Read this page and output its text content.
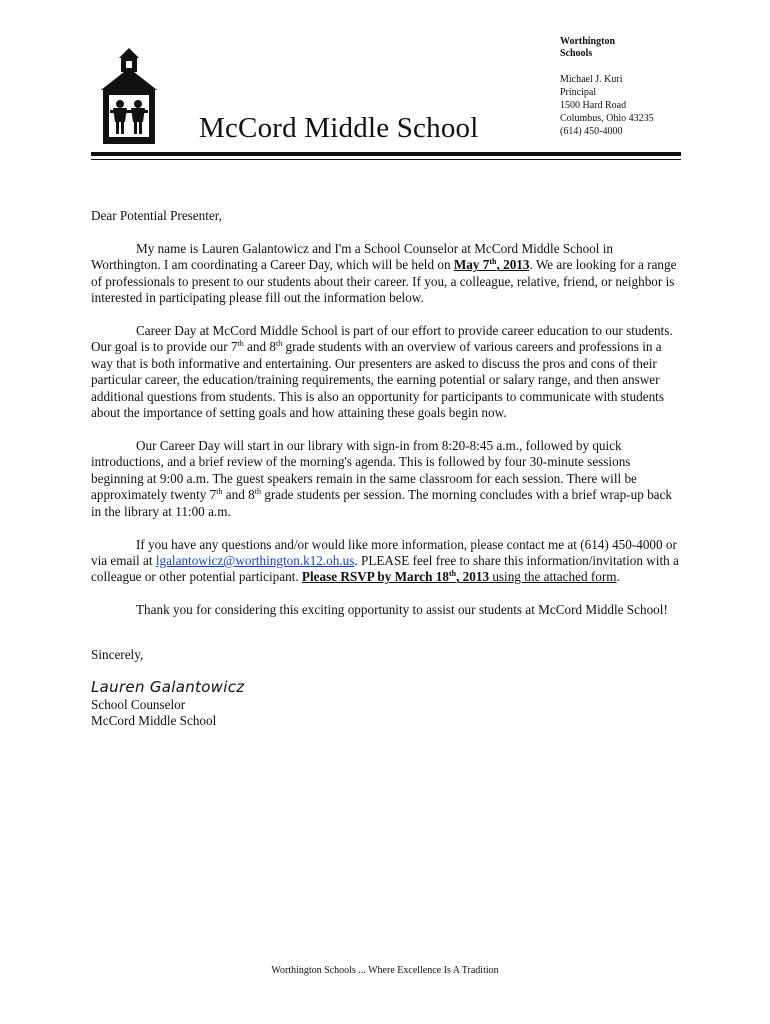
McCord Middle School
Worthington
Schools
Michael J. Kuri
Principal
1500 Hard Road
Columbus, Ohio 43235
(614) 450-4000

Dear Potential Presenter,

My name is Lauren Galantowicz and I'm a School Counselor at McCord Middle School in Worthington. I am coordinating a Career Day, which will be held on May 7th, 2013. We are looking for a range of professionals to present to our students about their career. If you, a colleague, relative, friend, or neighbor is interested in participating please fill out the information below.

Career Day at McCord Middle School is part of our effort to provide career education to our students. Our goal is to provide our 7th and 8th grade students with an overview of various careers and professions in a way that is both informative and entertaining. Our presenters are asked to discuss the pros and cons of their particular career, the education/training requirements, the earning potential or salary range, and then answer additional questions from students. This is also an opportunity for participants to communicate with students about the importance of setting goals and how attaining these goals begin now.

Our Career Day will start in our library with sign-in from 8:20-8:45 a.m., followed by quick introductions, and a brief review of the morning's agenda. This is followed by four 30-minute sessions beginning at 9:00 a.m. The guest speakers remain in the same classroom for each session. There will be approximately twenty 7th and 8th grade students per session. The morning concludes with a brief wrap-up back in the library at 11:00 a.m.

If you have any questions and/or would like more information, please contact me at (614) 450-4000 or via email at lgalantowicz@worthington.k12.oh.us. PLEASE feel free to share this information/invitation with a colleague or other potential participant. Please RSVP by March 18th, 2013 using the attached form.

Thank you for considering this exciting opportunity to assist our students at McCord Middle School!

Sincerely,

Lauren Galantowicz
School Counselor
McCord Middle School
Worthington Schools ... Where Excellence Is A Tradition
